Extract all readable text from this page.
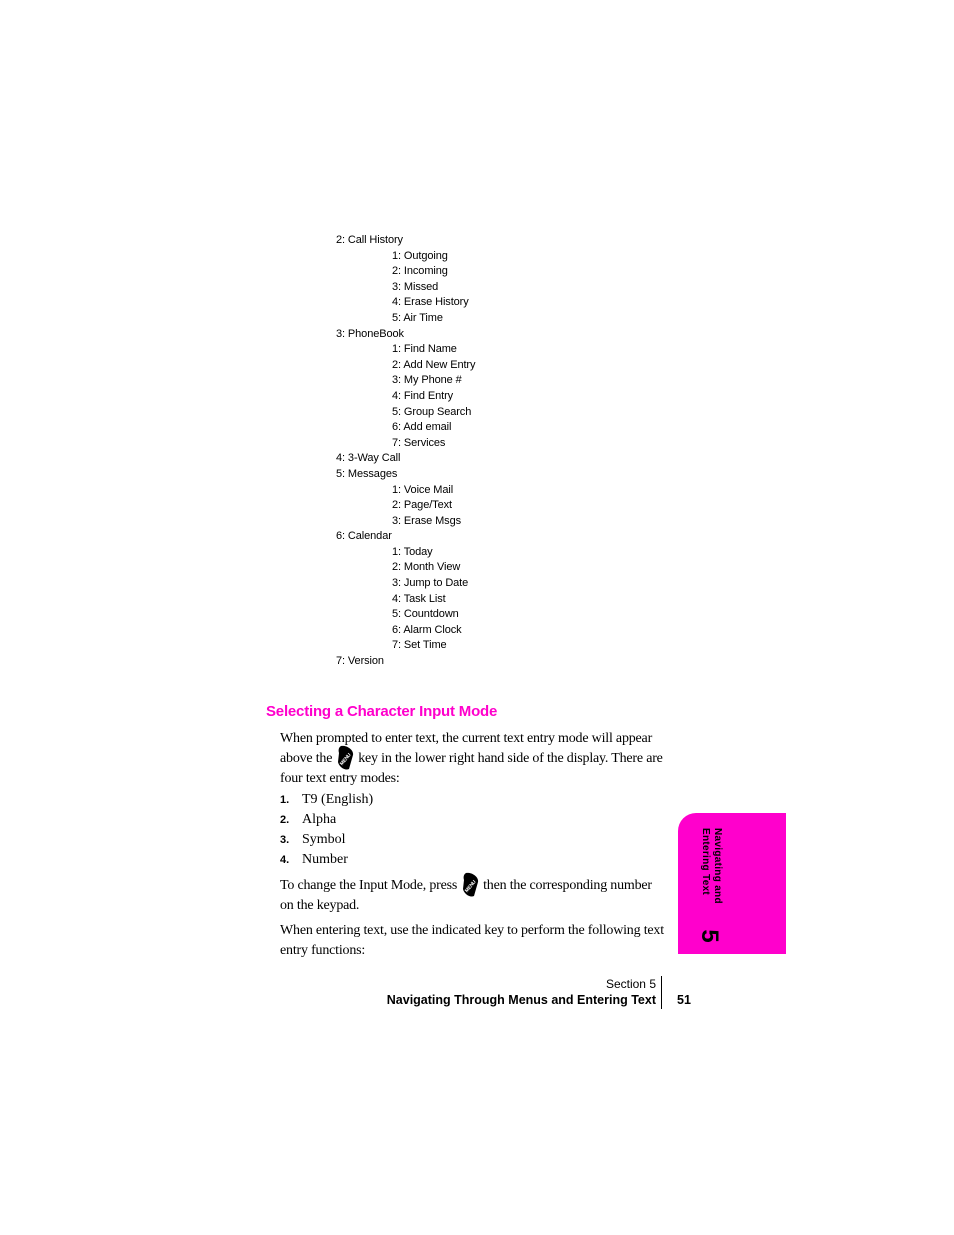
2: Call History
1: Outgoing
2: Incoming
3: Missed
4: Erase History
5: Air Time
3: PhoneBook
1: Find Name
2: Add New Entry
3: My Phone #
4: Find Entry
5: Group Search
6: Add email
7: Services
4: 3-Way Call
5: Messages
1: Voice Mail
2: Page/Text
3: Erase Msgs
6: Calendar
1: Today
2: Month View
3: Jump to Date
4: Task List
5: Countdown
6: Alarm Clock
7: Set Time
7: Version
Selecting a Character Input Mode

When prompted to enter text, the current text entry mode will appear above the MENU key in the lower right hand side of the display. There are four text entry modes:

1. T9 (English)
2. Alpha
3. Symbol
4. Number

To change the Input Mode, press MENU then the corresponding number on the keypad.

When entering text, use the indicated key to perform the following text entry functions:

Navigating and
Entering Text
5
Section 5
Navigating Through Menus and Entering Text 51
